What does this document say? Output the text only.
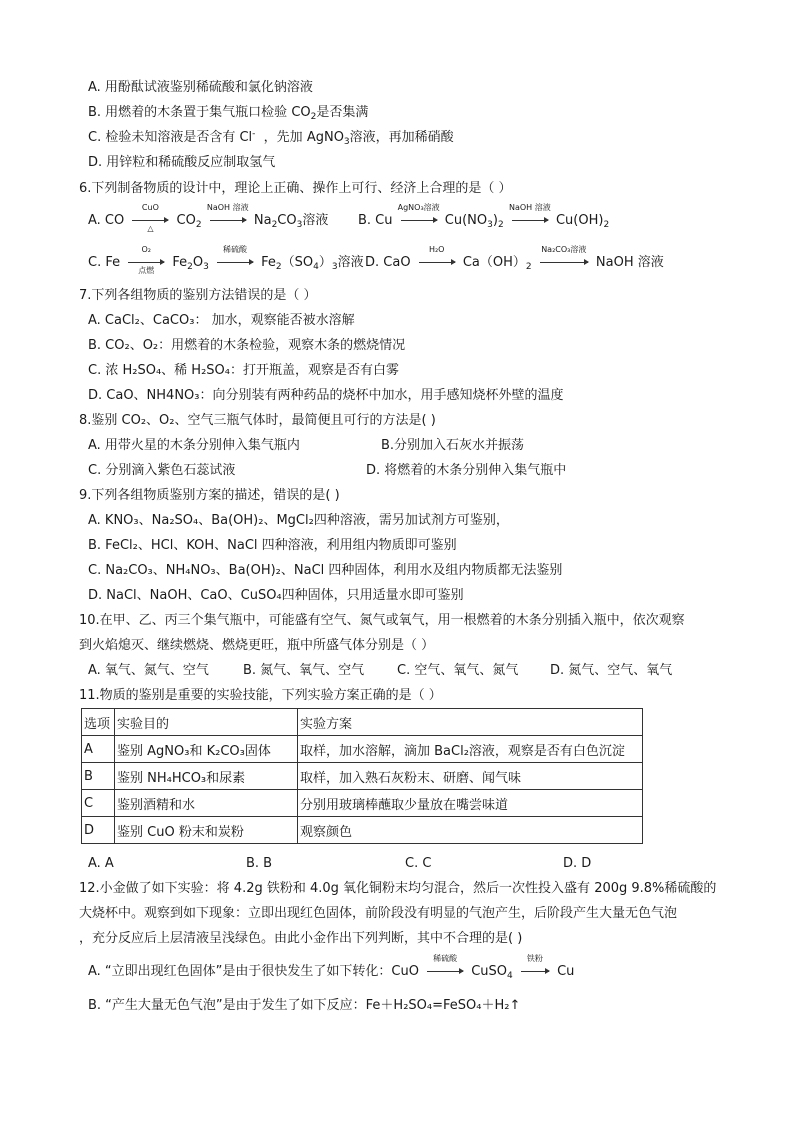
A. 用酚酞试液鉴别稀硫酸和氯化钠溶液
B. 用燃着的木条置于集气瓶口检验 $CO_2$是否集满
C. 检验未知溶液是否含有 Cl-  ，先加 AgNO$_3$溶液，再加稀硝酸
D. 用锌粒和稀硫酸反应制取氢气
6.下列制备物质的设计中，理论上正确、操作上可行、经济上合理的是（ ）
A. CO
CuO
△
$CO_2$
NaOH 溶液
$Na_2CO_3$溶液 B. Cu
AgNO₃溶液
$Cu(NO_3)_2$
NaOH 溶液
$Cu(OH)_2$
C. Fe
O₂
点燃
$Fe_2O_3$
稀硫酸
$Fe_2(SO_4)_3$溶液 D. CaO
H₂O
$Ca(OH)_2$
Na₂CO₃溶液
NaOH 溶液
7.下列各组物质的鉴别方法错误的是（ ）
A. CaCl₂、CaCO₃： 加水，观察能否被水溶解
B. CO₂、O₂：用燃着的木条检验，观察木条的燃烧情况
C. 浓 H₂SO₄、稀 H₂SO₄：打开瓶盖，观察是否有白雾
D. CaO、NH4NO₃：向分别装有两种药品的烧杯中加水，用手感知烧杯外壁的温度
8.鉴别 CO₂、O₂、空气三瓶气体时，最简便且可行的方法是( )
A. 用带火星的木条分别伸入集气瓶内	B.分别加入石灰水并振荡
C. 分别滴入紫色石蕊试液	D. 将燃着的木条分别伸入集气瓶中
9.下列各组物质鉴别方案的描述，错误的是( )
A. KNO₃、Na₂SO₄、Ba(OH)₂、MgCl₂四种溶液，需另加试剂方可鉴别，
B. FeCl₂、HCl、KOH、NaCl 四种溶液，利用组内物质即可鉴别
C. Na₂CO₃、NH₄NO₃、Ba(OH)₂、NaCl 四种固体，利用水及组内物质都无法鉴别
D. NaCl、NaOH、CaO、CuSO₄四种固体，只用适量水即可鉴别
10.在甲、乙、丙三个集气瓶中，可能盛有空气、氮气或氧气，用一根燃着的木条分别插入瓶中，依次观察
到火焰熄灭、继续燃烧、燃烧更旺，瓶中所盛气体分别是（ ）
A. 氧气、氮气、空气	B. 氮气、氧气、空气	C. 空气、氧气、氮气 D. 氮气、空气、氧气
11.物质的鉴别是重要的实验技能，下列实验方案正确的是（ ）
选项	实验目的	实验方案
A	鉴别 AgNO₃和 K₂CO₃固体	取样，加水溶解，滴加 BaCl₂溶液，观察是否有白色沉淀
B	鉴别 NH₄HCO₃和尿素	取样，加入熟石灰粉末、研磨、闻气味
C	鉴别酒精和水	分别用玻璃棒蘸取少量放在嘴尝味道
D	鉴别 CuO 粉末和炭粉	观察颜色
A. A	B. B	C. C	D. D
12.小金做了如下实验：将 4.2g 铁粉和 4.0g 氧化铜粉末均匀混合，然后一次性投入盛有 200g 9.8%稀硫酸的
大烧杯中。观察到如下现象：立即出现红色固体，前阶段没有明显的气泡产生，后阶段产生大量无色气泡
，充分反应后上层清液呈浅绿色。由此小金作出下列判断，其中不合理的是( )
A. “立即出现红色固体”是由于很快发生了如下转化：CuO
稀硫酸
CuSO$_4$
铁粉
Cu
B. “产生大量无色气泡”是由于发生了如下反应：Fe＋H₂SO₄=FeSO₄＋H₂↑
